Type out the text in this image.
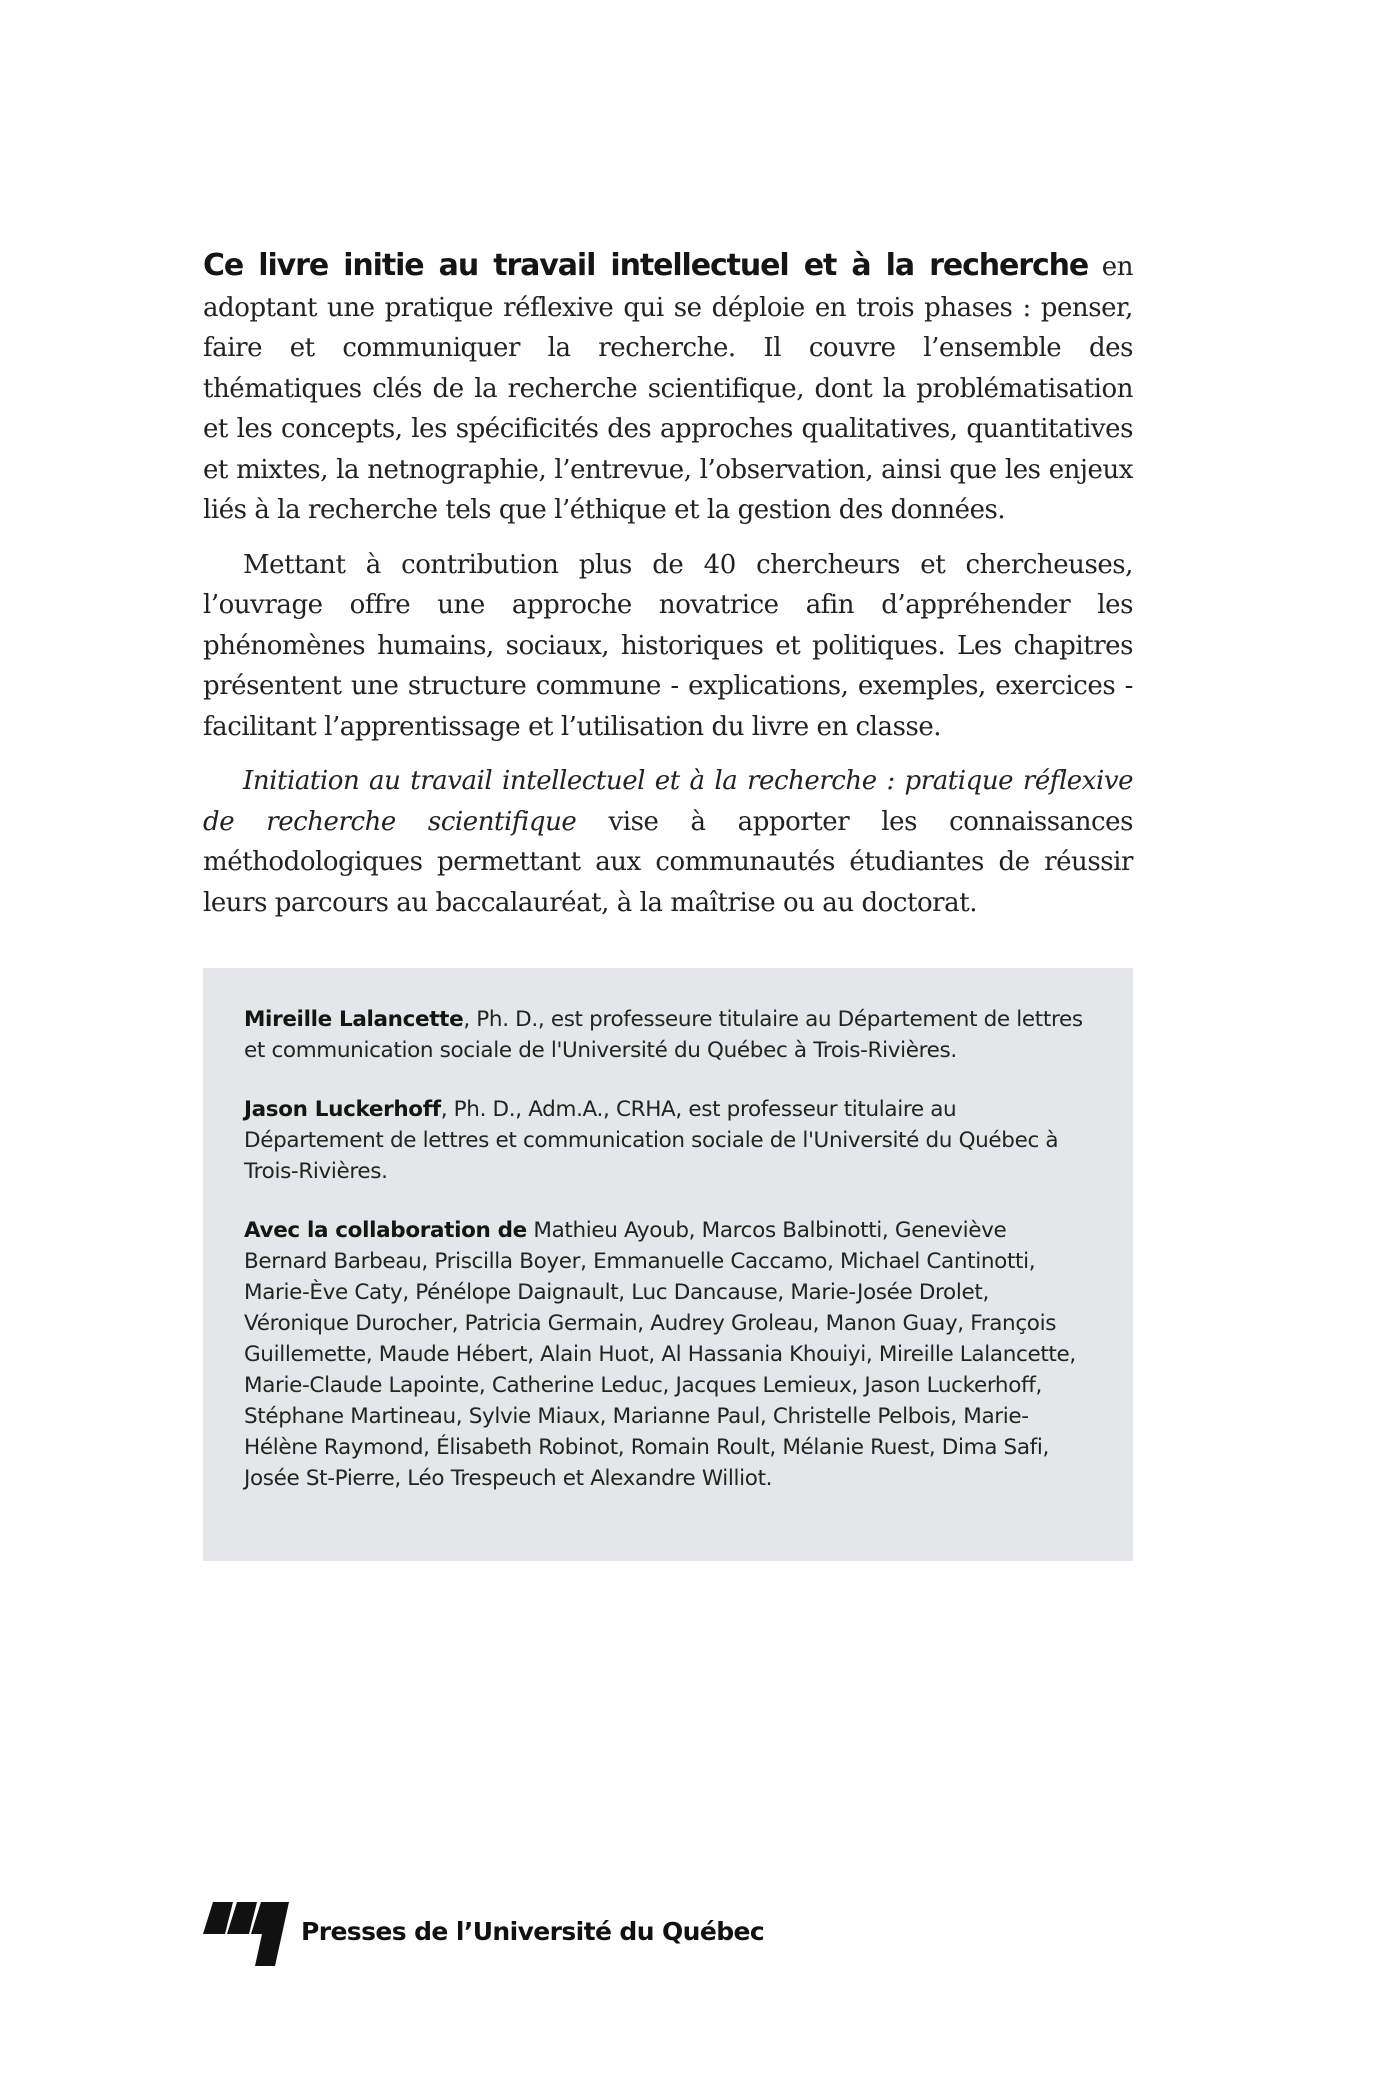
Ce livre initie au travail intellectuel et à la recherche en adoptant une pratique réflexive qui se déploie en trois phases : penser, faire et communiquer la recherche. Il couvre l’ensemble des thématiques clés de la recherche scientifique, dont la problématisation et les concepts, les spécificités des approches qualitatives, quantitatives et mixtes, la netnographie, l’entrevue, l’observation, ainsi que les enjeux liés à la recherche tels que l’éthique et la gestion des données.

Mettant à contribution plus de 40 chercheurs et chercheuses, l’ouvrage offre une approche novatrice afin d’appréhender les phénomènes humains, sociaux, historiques et politiques. Les chapitres présentent une structure commune - explications, exemples, exercices - facilitant l’apprentissage et l’utilisation du livre en classe.

Initiation au travail intellectuel et à la recherche : pratique réflexive de recherche scientifique vise à apporter les connaissances méthodologiques permettant aux communautés étudiantes de réussir leurs parcours au baccalauréat, à la maîtrise ou au doctorat.

Mireille Lalancette, Ph. D., est professeure titulaire au Département de lettres et communication sociale de l'Université du Québec à Trois-Rivières.

Jason Luckerhoff, Ph. D., Adm.A., CRHA, est professeur titulaire au Département de lettres et communication sociale de l'Université du Québec à Trois-Rivières.

Avec la collaboration de Mathieu Ayoub, Marcos Balbinotti, Geneviève Bernard Barbeau, Priscilla Boyer, Emmanuelle Caccamo, Michael Cantinotti, Marie-Ève Caty, Pénélope Daignault, Luc Dancause, Marie-Josée Drolet, Véronique Durocher, Patricia Germain, Audrey Groleau, Manon Guay, François Guillemette, Maude Hébert, Alain Huot, Al Hassania Khouiyi, Mireille Lalancette, Marie-Claude Lapointe, Catherine Leduc, Jacques Lemieux, Jason Luckerhoff, Stéphane Martineau, Sylvie Miaux, Marianne Paul, Christelle Pelbois, Marie-Hélène Raymond, Élisabeth Robinot, Romain Roult, Mélanie Ruest, Dima Safi, Josée St-Pierre, Léo Trespeuch et Alexandre Williot.

Presses de l’Université du Québec
